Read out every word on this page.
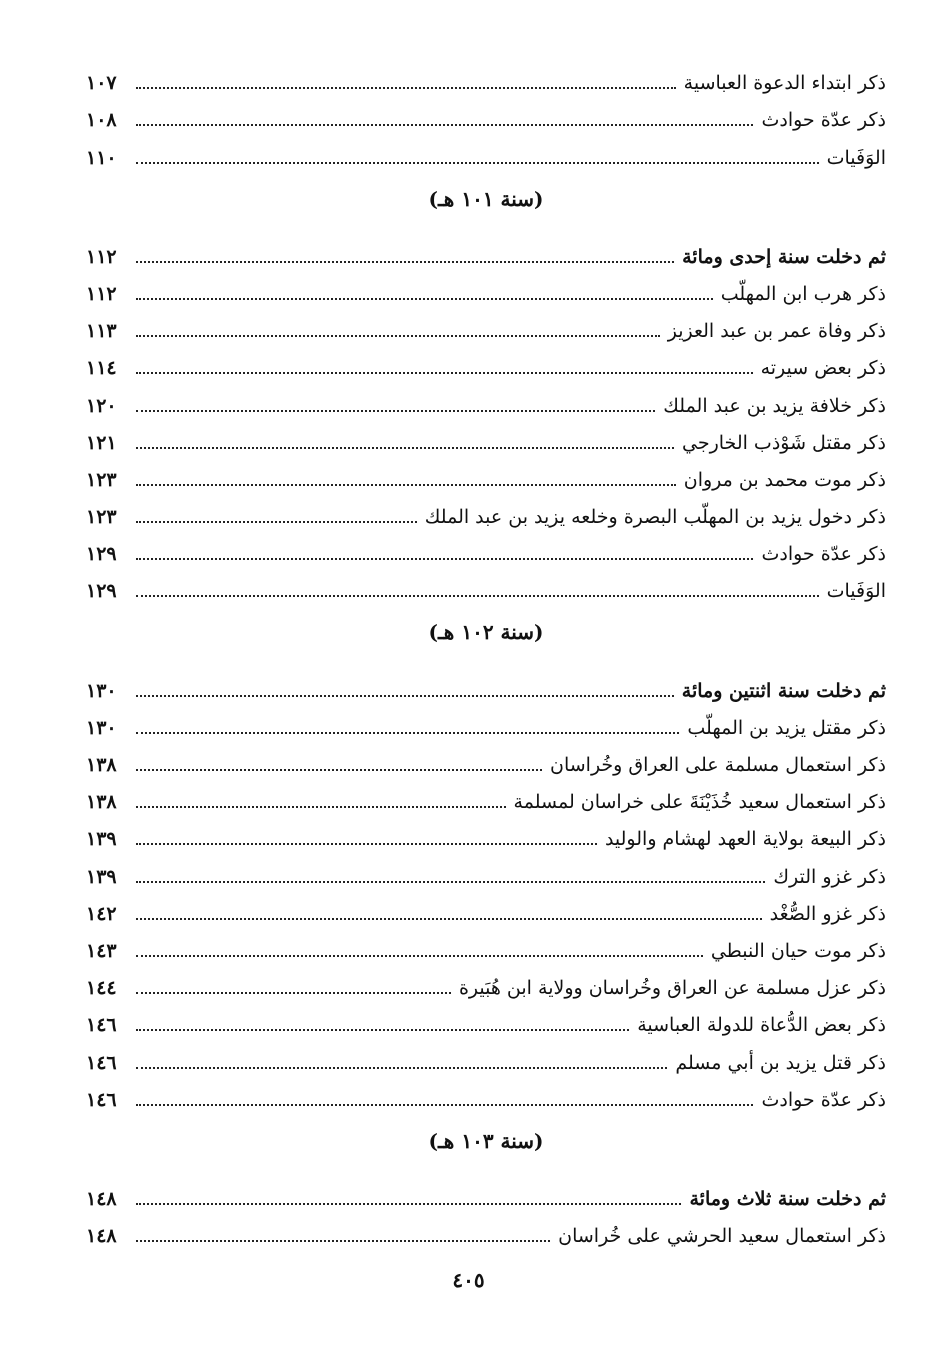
ذكر ابتداء الدعوة العباسية
١٠٧
ذكر عدّة حوادث
١٠٨
الوَفَيات
١١٠
(سنة ١٠١ هـ)
ثم دخلت سنة إحدى ومائة
١١٢
ذكر هرب ابن المهلّب
١١٢
ذكر وفاة عمر بن عبد العزيز
١١٣
ذكر بعض سيرته
١١٤
ذكر خلافة يزيد بن عبد الملك
١٢٠
ذكر مقتل شَوْذب الخارجي
١٢١
ذكر موت محمد بن مروان
١٢٣
ذكر دخول يزيد بن المهلّب البصرة وخلعه يزيد بن عبد الملك
١٢٣
ذكر عدّة حوادث
١٢٩
الوَفَيات
١٢٩
(سنة ١٠٢ هـ)
ثم دخلت سنة اثنتين ومائة
١٣٠
ذكر مقتل يزيد بن المهلّب
١٣٠
ذكر استعمال مسلمة على العراق وخُراسان
١٣٨
ذكر استعمال سعيد خُذَيْنَةَ على خراسان لمسلمة
١٣٨
ذكر البيعة بولاية العهد لهشام والوليد
١٣٩
ذكر غزو الترك
١٣٩
ذكر غزو الصُّغْد
١٤٢
ذكر موت حيان النبطي
١٤٣
ذكر عزل مسلمة عن العراق وخُراسان وولاية ابن هُبَيرة
١٤٤
ذكر بعض الدُّعاة للدولة العباسية
١٤٦
ذكر قتل يزيد بن أبي مسلم
١٤٦
ذكر عدّة حوادث
١٤٦
(سنة ١٠٣ هـ)
ثم دخلت سنة ثلاث ومائة
١٤٨
ذكر استعمال سعيد الحرشي على خُراسان
١٤٨
٤٠٥
